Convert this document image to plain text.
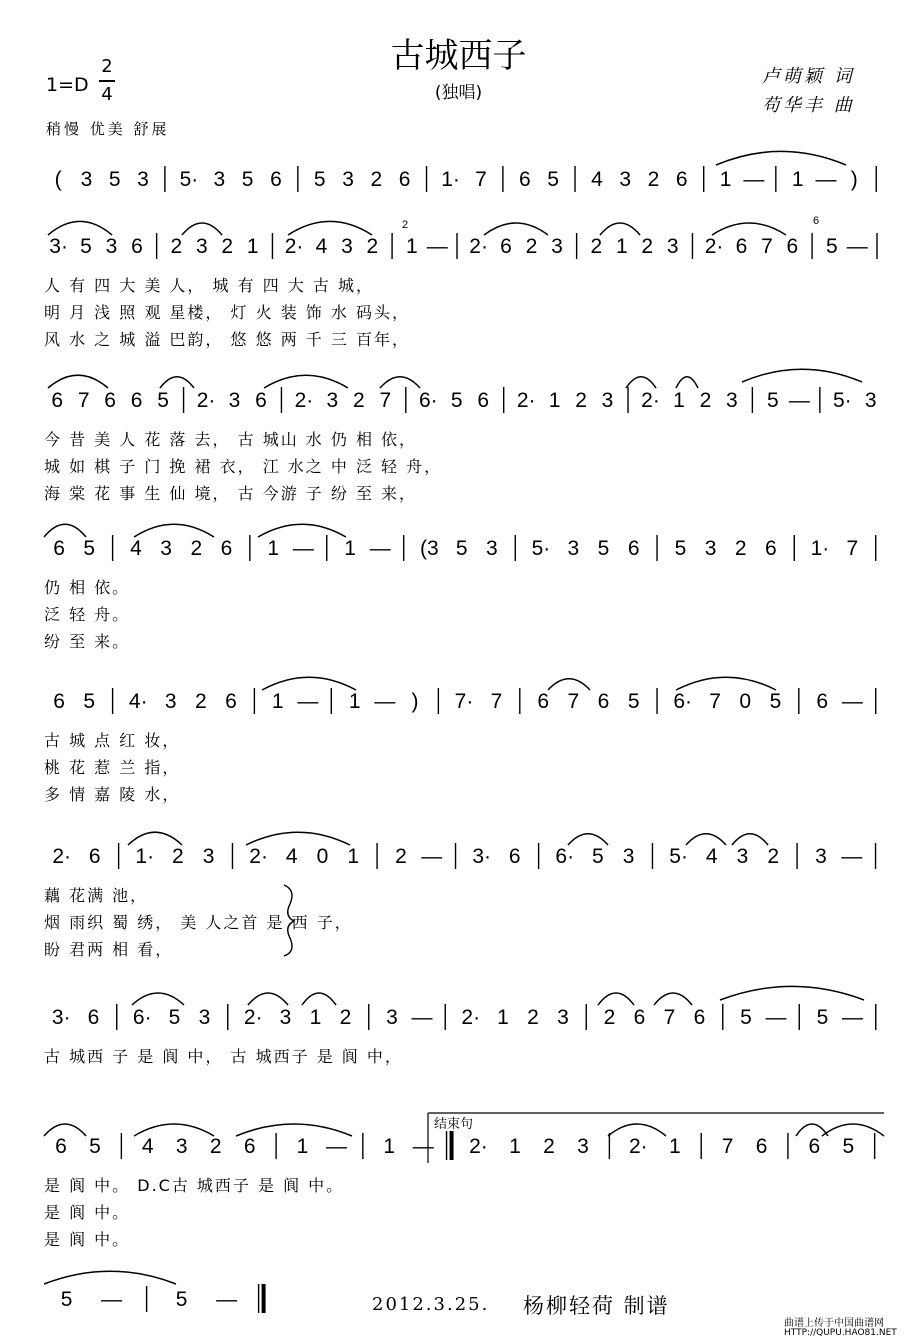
古城西子
(独唱)
1=D
2
4
稍慢 优美 舒展
卢萌颖 词
苟华丰 曲
( 3 5 3 5· 3 5 6 5 3 2 6 1· 7 6 5 4 3 2 6 1 — 1 — )
3· 5 3 6 2 3 2 1 2· 4 3 2 1 — 2· 6 2 3 2 1 2 3 2· 6 7 6 5 —
人 有 四 大 美 人， 城 有 四 大 古 城，
明 月 浅 照 观 星楼， 灯 火 装 饰 水 码头，
风 水 之 城 溢 巴韵， 悠 悠 两 千 三 百年，
6 7 6 6 5 2· 3 6 2· 3 2 7 6· 5 6 2· 1 2 3 2· 1 2 3 5 — 5· 3
今 昔 美 人 花 落 去， 古 城山 水 仍 相 依，
城 如 棋 子 门 挽 裙 衣， 江 水之 中 泛 轻 舟，
海 棠 花 事 生 仙 境， 古 今游 子 纷 至 来，
6 5 4 3 2 6 1 — 1 — (3 5 3 5· 3 5 6 5 3 2 6 1· 7
仍 相 依。
泛 轻 舟。
纷 至 来。
6 5 4· 3 2 6 1 — 1 — ) 7· 7 6 7 6 5 6· 7 0 5 6 —
古 城 点 红 妆，
桃 花 惹 兰 指，
多 情 嘉 陵 水，
2· 6 1· 2 3 2· 4 0 1 2 — 3· 6 6· 5 3 5· 4 3 2 3 —
藕 花满 池，
烟 雨织 蜀 绣， 美 人之首 是 西 子，
盼 君两 相 看，
3· 6 6· 5 3 2· 3 1 2 3 — 2· 1 2 3 2 6 7 6 5 — 5 —
古 城西 子 是 阆 中， 古 城西子 是 阆 中，
6 5 4 3 2 6 1 — 1 — 2· 1 2 3 2· 1 7 6 6 5
是 阆 中。 D.C古 城西子 是 阆 中。
是 阆 中。
是 阆 中。
5 —	5 —
结束句
2	6
2012.3.25. 杨柳轻荷 制谱
曲谱上传于中国曲谱网
HTTP://QUPU.HAO81.NET
